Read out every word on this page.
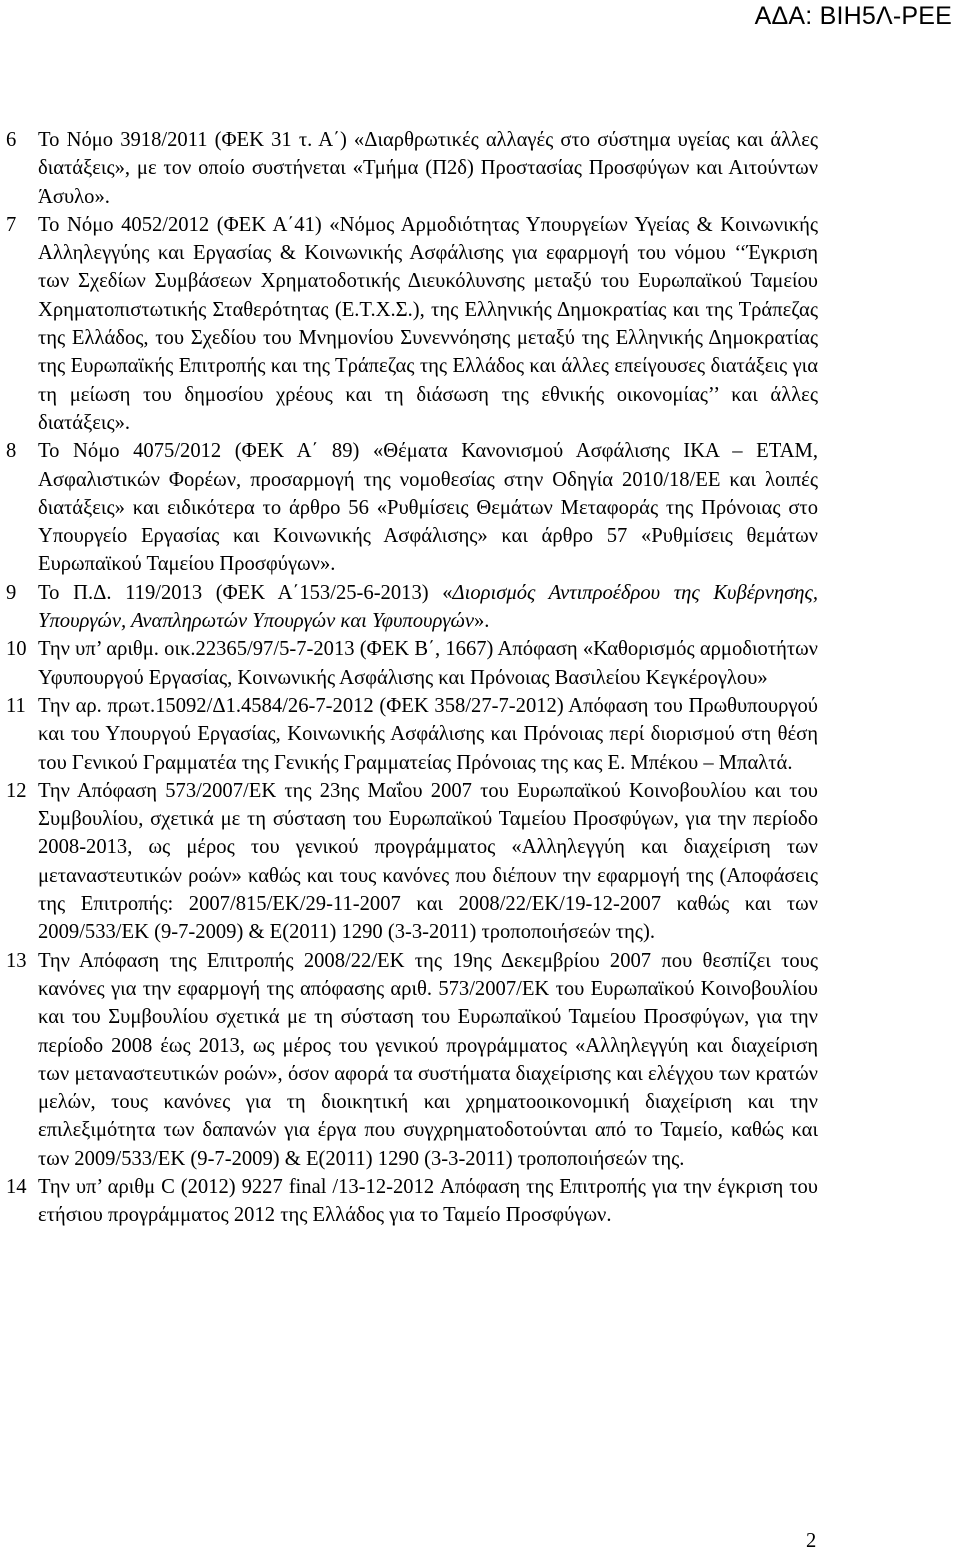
ΑΔΑ: ΒΙΗ5Λ-ΡΕΕ
6 Το Νόμο 3918/2011 (ΦΕΚ 31 τ. Α΄) «Διαρθρωτικές αλλαγές στο σύστημα υγείας και άλλες διατάξεις», με τον οποίο συστήνεται «Τμήμα (Π2δ) Προστασίας Προσφύγων και Αιτούντων Άσυλο».
7 Το Νόμο 4052/2012 (ΦΕΚ Α΄41) «Νόμος Αρμοδιότητας Υπουργείων Υγείας & Κοινωνικής Αλληλεγγύης και Εργασίας & Κοινωνικής Ασφάλισης για εφαρμογή του νόμου ‘‘Έγκριση των Σχεδίων Συμβάσεων Χρηματοδοτικής Διευκόλυνσης μεταξύ του Ευρωπαϊκού Ταμείου Χρηματοπιστωτικής Σταθερότητας (Ε.Τ.Χ.Σ.), της Ελληνικής Δημοκρατίας και της Τράπεζας της Ελλάδος, του Σχεδίου του Μνημονίου Συνεννόησης μεταξύ της Ελληνικής Δημοκρατίας της Ευρωπαϊκής Επιτροπής και της Τράπεζας της Ελλάδος και άλλες επείγουσες διατάξεις για τη μείωση του δημοσίου χρέους και τη διάσωση της εθνικής οικονομίας’’ και άλλες διατάξεις».
8 Το Νόμο 4075/2012 (ΦΕΚ Α΄ 89) «Θέματα Κανονισμού Ασφάλισης ΙΚΑ – ΕΤΑΜ, Ασφαλιστικών Φορέων, προσαρμογή της νομοθεσίας στην Οδηγία 2010/18/ΕΕ και λοιπές διατάξεις» και ειδικότερα το άρθρο 56 «Ρυθμίσεις Θεμάτων Μεταφοράς της Πρόνοιας στο Υπουργείο Εργασίας και Κοινωνικής Ασφάλισης» και άρθρο 57 «Ρυθμίσεις θεμάτων Ευρωπαϊκού Ταμείου Προσφύγων».
9 Το Π.Δ. 119/2013 (ΦΕΚ Α΄153/25-6-2013) «Διορισμός Αντιπροέδρου της Κυβέρνησης, Υπουργών, Αναπληρωτών Υπουργών και Υφυπουργών».
10 Την υπ’ αριθμ. οικ.22365/97/5-7-2013 (ΦΕΚ Β΄, 1667) Απόφαση «Καθορισμός αρμοδιοτήτων Υφυπουργού Εργασίας, Κοινωνικής Ασφάλισης και Πρόνοιας Βασιλείου Κεγκέρογλου»
11 Την αρ. πρωτ.15092/Δ1.4584/26-7-2012 (ΦΕΚ 358/27-7-2012) Απόφαση του Πρωθυπουργού και του Υπουργού Εργασίας, Κοινωνικής Ασφάλισης και Πρόνοιας περί διορισμού στη θέση του Γενικού Γραμματέα της Γενικής Γραμματείας Πρόνοιας της κας Ε. Μπέκου – Μπαλτά.
12 Την Απόφαση 573/2007/ΕΚ της 23ης Μαΐου 2007 του Ευρωπαϊκού Κοινοβουλίου και του Συμβουλίου, σχετικά με τη σύσταση του Ευρωπαϊκού Ταμείου Προσφύγων, για την περίοδο 2008-2013, ως μέρος του γενικού προγράμματος «Αλληλεγγύη και διαχείριση των μεταναστευτικών ροών» καθώς και τους κανόνες που διέπουν την εφαρμογή της (Αποφάσεις της Επιτροπής: 2007/815/ΕΚ/29-11-2007 και 2008/22/ΕΚ/19-12-2007 καθώς και των 2009/533/ΕΚ (9-7-2009) & Ε(2011) 1290 (3-3-2011) τροποποιήσεών της).
13 Την Απόφαση της Επιτροπής 2008/22/ΕΚ της 19ης Δεκεμβρίου 2007 που θεσπίζει τους κανόνες για την εφαρμογή της απόφασης αριθ. 573/2007/ΕΚ του Ευρωπαϊκού Κοινοβουλίου και του Συμβουλίου σχετικά με τη σύσταση του Ευρωπαϊκού Ταμείου Προσφύγων, για την περίοδο 2008 έως 2013, ως μέρος του γενικού προγράμματος «Αλληλεγγύη και διαχείριση των μεταναστευτικών ροών», όσον αφορά τα συστήματα διαχείρισης και ελέγχου των κρατών μελών, τους κανόνες για τη διοικητική και χρηματοοικονομική διαχείριση και την επιλεξιμότητα των δαπανών για έργα που συγχρηματοδοτούνται από το Ταμείο, καθώς και των 2009/533/ΕΚ (9-7-2009) & Ε(2011) 1290 (3-3-2011) τροποποιήσεών της.
14 Την υπ’ αριθμ C (2012) 9227 final /13-12-2012 Απόφαση της Επιτροπής για την έγκριση του ετήσιου προγράμματος 2012 της Ελλάδος για το Ταμείο Προσφύγων.
2
